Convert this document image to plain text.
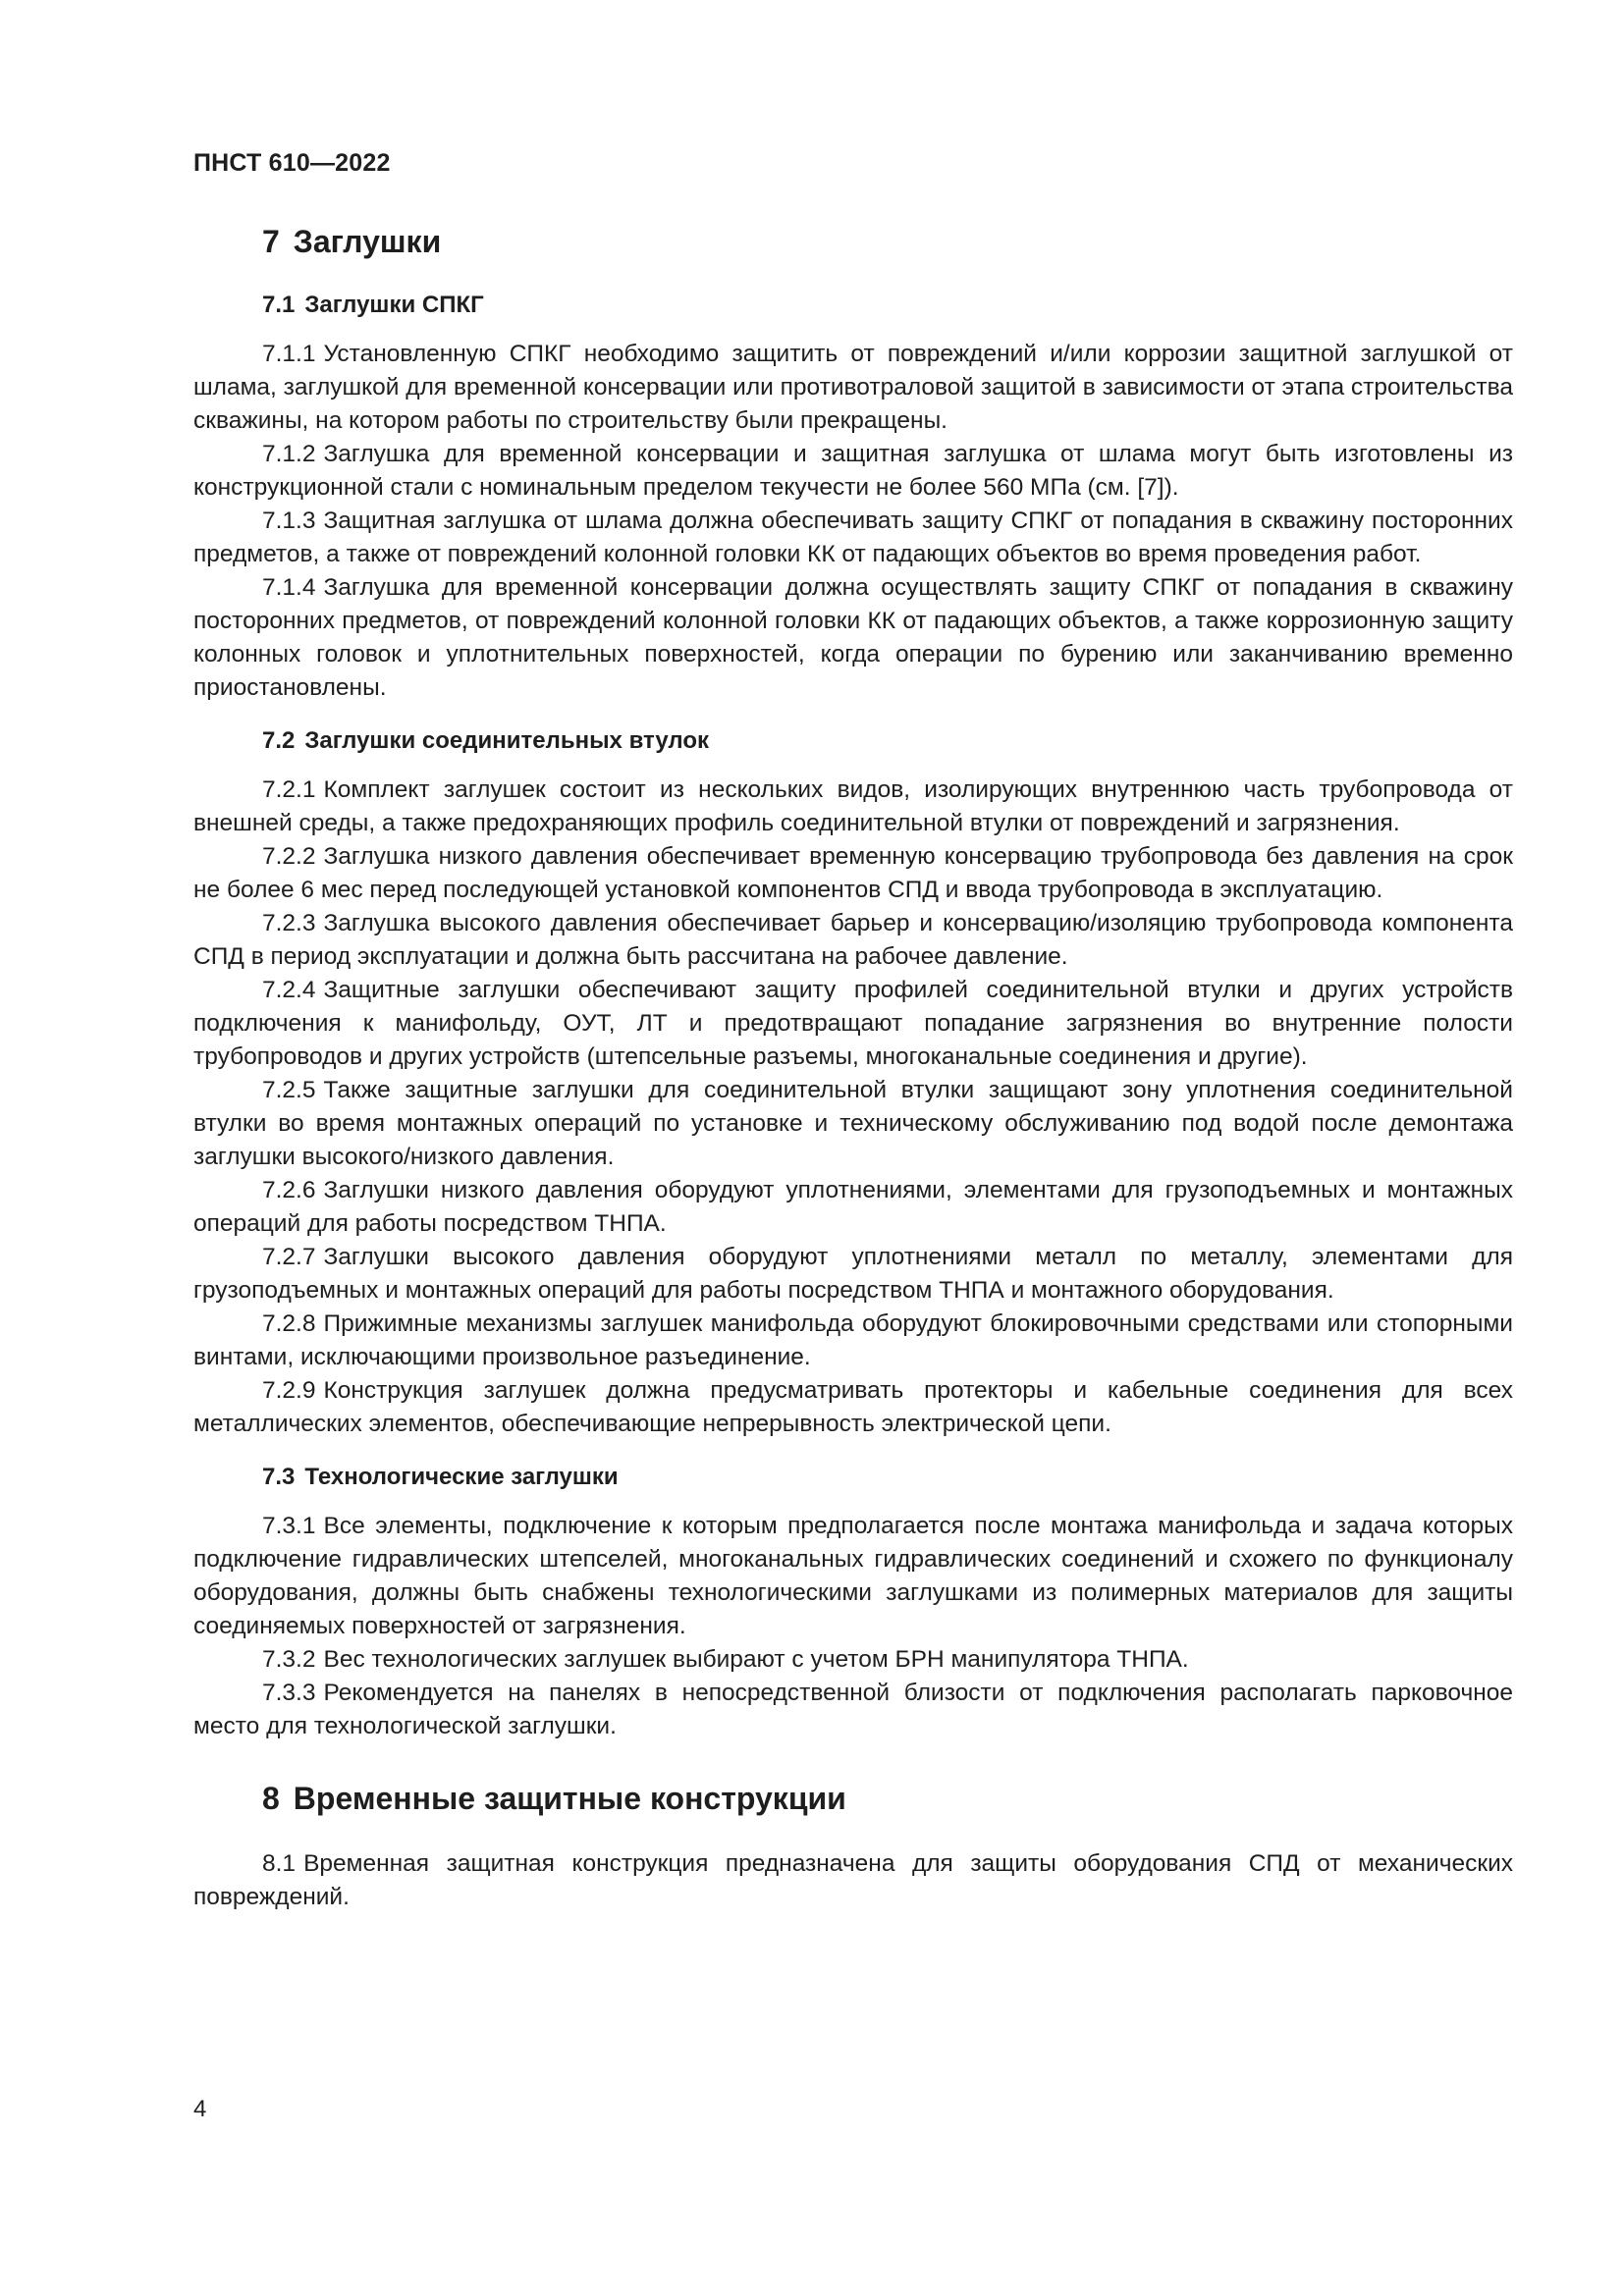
ПНСТ 610—2022
7 Заглушки
7.1 Заглушки СПКГ

7.1.1 Установленную СПКГ необходимо защитить от повреждений и/или коррозии защитной заглушкой от шлама, заглушкой для временной консервации или противотраловой защитой в зависимости от этапа строительства скважины, на котором работы по строительству были прекращены.

7.1.2 Заглушка для временной консервации и защитная заглушка от шлама могут быть изготовлены из конструкционной стали с номинальным пределом текучести не более 560 МПа (см. [7]).

7.1.3 Защитная заглушка от шлама должна обеспечивать защиту СПКГ от попадания в скважину посторонних предметов, а также от повреждений колонной головки КК от падающих объектов во время проведения работ.

7.1.4 Заглушка для временной консервации должна осуществлять защиту СПКГ от попадания в скважину посторонних предметов, от повреждений колонной головки КК от падающих объектов, а также коррозионную защиту колонных головок и уплотнительных поверхностей, когда операции по бурению или заканчиванию временно приостановлены.

7.2 Заглушки соединительных втулок

7.2.1 Комплект заглушек состоит из нескольких видов, изолирующих внутреннюю часть трубопровода от внешней среды, а также предохраняющих профиль соединительной втулки от повреждений и загрязнения.

7.2.2 Заглушка низкого давления обеспечивает временную консервацию трубопровода без давления на срок не более 6 мес перед последующей установкой компонентов СПД и ввода трубопровода в эксплуатацию.

7.2.3 Заглушка высокого давления обеспечивает барьер и консервацию/изоляцию трубопровода компонента СПД в период эксплуатации и должна быть рассчитана на рабочее давление.

7.2.4 Защитные заглушки обеспечивают защиту профилей соединительной втулки и других устройств подключения к манифольду, ОУТ, ЛТ и предотвращают попадание загрязнения во внутренние полости трубопроводов и других устройств (штепсельные разъемы, многоканальные соединения и другие).

7.2.5 Также защитные заглушки для соединительной втулки защищают зону уплотнения соединительной втулки во время монтажных операций по установке и техническому обслуживанию под водой после демонтажа заглушки высокого/низкого давления.

7.2.6 Заглушки низкого давления оборудуют уплотнениями, элементами для грузоподъемных и монтажных операций для работы посредством ТНПА.

7.2.7 Заглушки высокого давления оборудуют уплотнениями металл по металлу, элементами для грузоподъемных и монтажных операций для работы посредством ТНПА и монтажного оборудования.

7.2.8 Прижимные механизмы заглушек манифольда оборудуют блокировочными средствами или стопорными винтами, исключающими произвольное разъединение.

7.2.9 Конструкция заглушек должна предусматривать протекторы и кабельные соединения для всех металлических элементов, обеспечивающие непрерывность электрической цепи.

7.3 Технологические заглушки

7.3.1 Все элементы, подключение к которым предполагается после монтажа манифольда и задача которых подключение гидравлических штепселей, многоканальных гидравлических соединений и схожего по функционалу оборудования, должны быть снабжены технологическими заглушками из полимерных материалов для защиты соединяемых поверхностей от загрязнения.

7.3.2 Вес технологических заглушек выбирают с учетом БРН манипулятора ТНПА.

7.3.3 Рекомендуется на панелях в непосредственной близости от подключения располагать парковочное место для технологической заглушки.

8 Временные защитные конструкции

8.1 Временная защитная конструкция предназначена для защиты оборудования СПД от механических повреждений.

4
